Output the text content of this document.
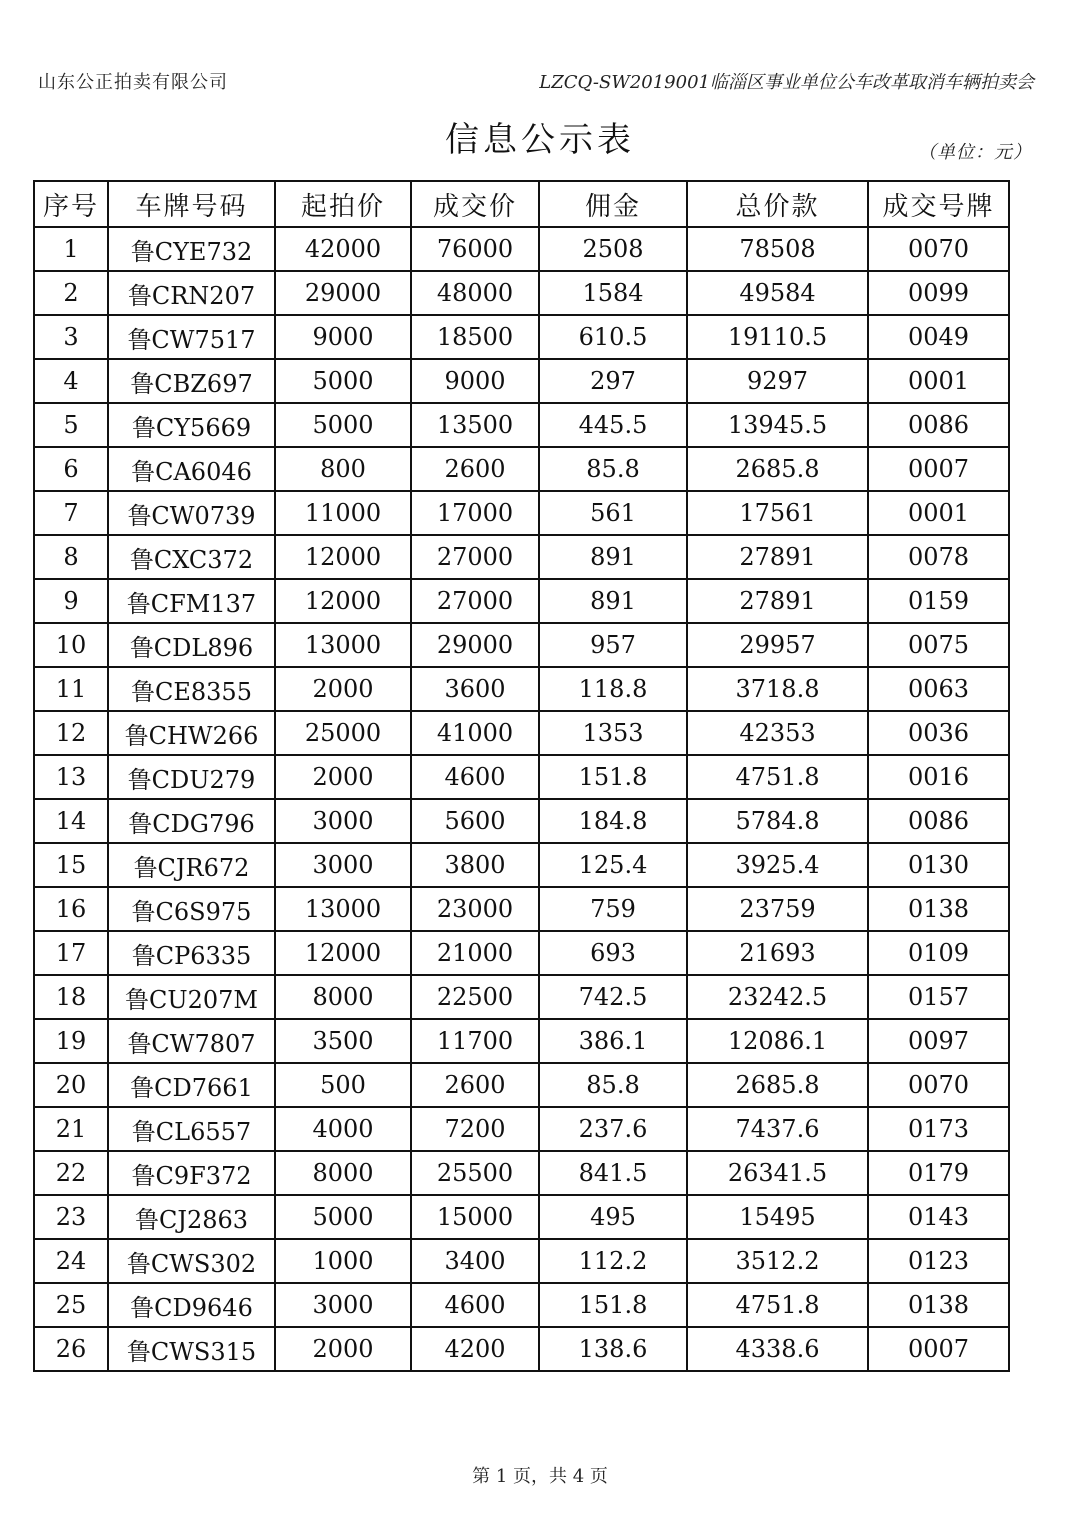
山东公正拍卖有限公司	LZCQ-SW2019001临淄区事业单位公车改革取消车辆拍卖会
信息公示表	（单位：元）
序号	车牌号码	起拍价	成交价	佣金	总价款	成交号牌
1	鲁CYE732	42000	76000	2508	78508	0070
2	鲁CRN207	29000	48000	1584	49584	0099
3	鲁CW7517	9000	18500	610.5	19110.5	0049
4	鲁CBZ697	5000	9000	297	9297	0001
5	鲁CY5669	5000	13500	445.5	13945.5	0086
6	鲁CA6046	800	2600	85.8	2685.8	0007
7	鲁CW0739	11000	17000	561	17561	0001
8	鲁CXC372	12000	27000	891	27891	0078
9	鲁CFM137	12000	27000	891	27891	0159
10	鲁CDL896	13000	29000	957	29957	0075
11	鲁CE8355	2000	3600	118.8	3718.8	0063
12	鲁CHW266	25000	41000	1353	42353	0036
13	鲁CDU279	2000	4600	151.8	4751.8	0016
14	鲁CDG796	3000	5600	184.8	5784.8	0086
15	鲁CJR672	3000	3800	125.4	3925.4	0130
16	鲁C6S975	13000	23000	759	23759	0138
17	鲁CP6335	12000	21000	693	21693	0109
18	鲁CU207M	8000	22500	742.5	23242.5	0157
19	鲁CW7807	3500	11700	386.1	12086.1	0097
20	鲁CD7661	500	2600	85.8	2685.8	0070
21	鲁CL6557	4000	7200	237.6	7437.6	0173
22	鲁C9F372	8000	25500	841.5	26341.5	0179
23	鲁CJ2863	5000	15000	495	15495	0143
24	鲁CWS302	1000	3400	112.2	3512.2	0123
25	鲁CD9646	3000	4600	151.8	4751.8	0138
26	鲁CWS315	2000	4200	138.6	4338.6	0007
第 1 页，共 4 页
